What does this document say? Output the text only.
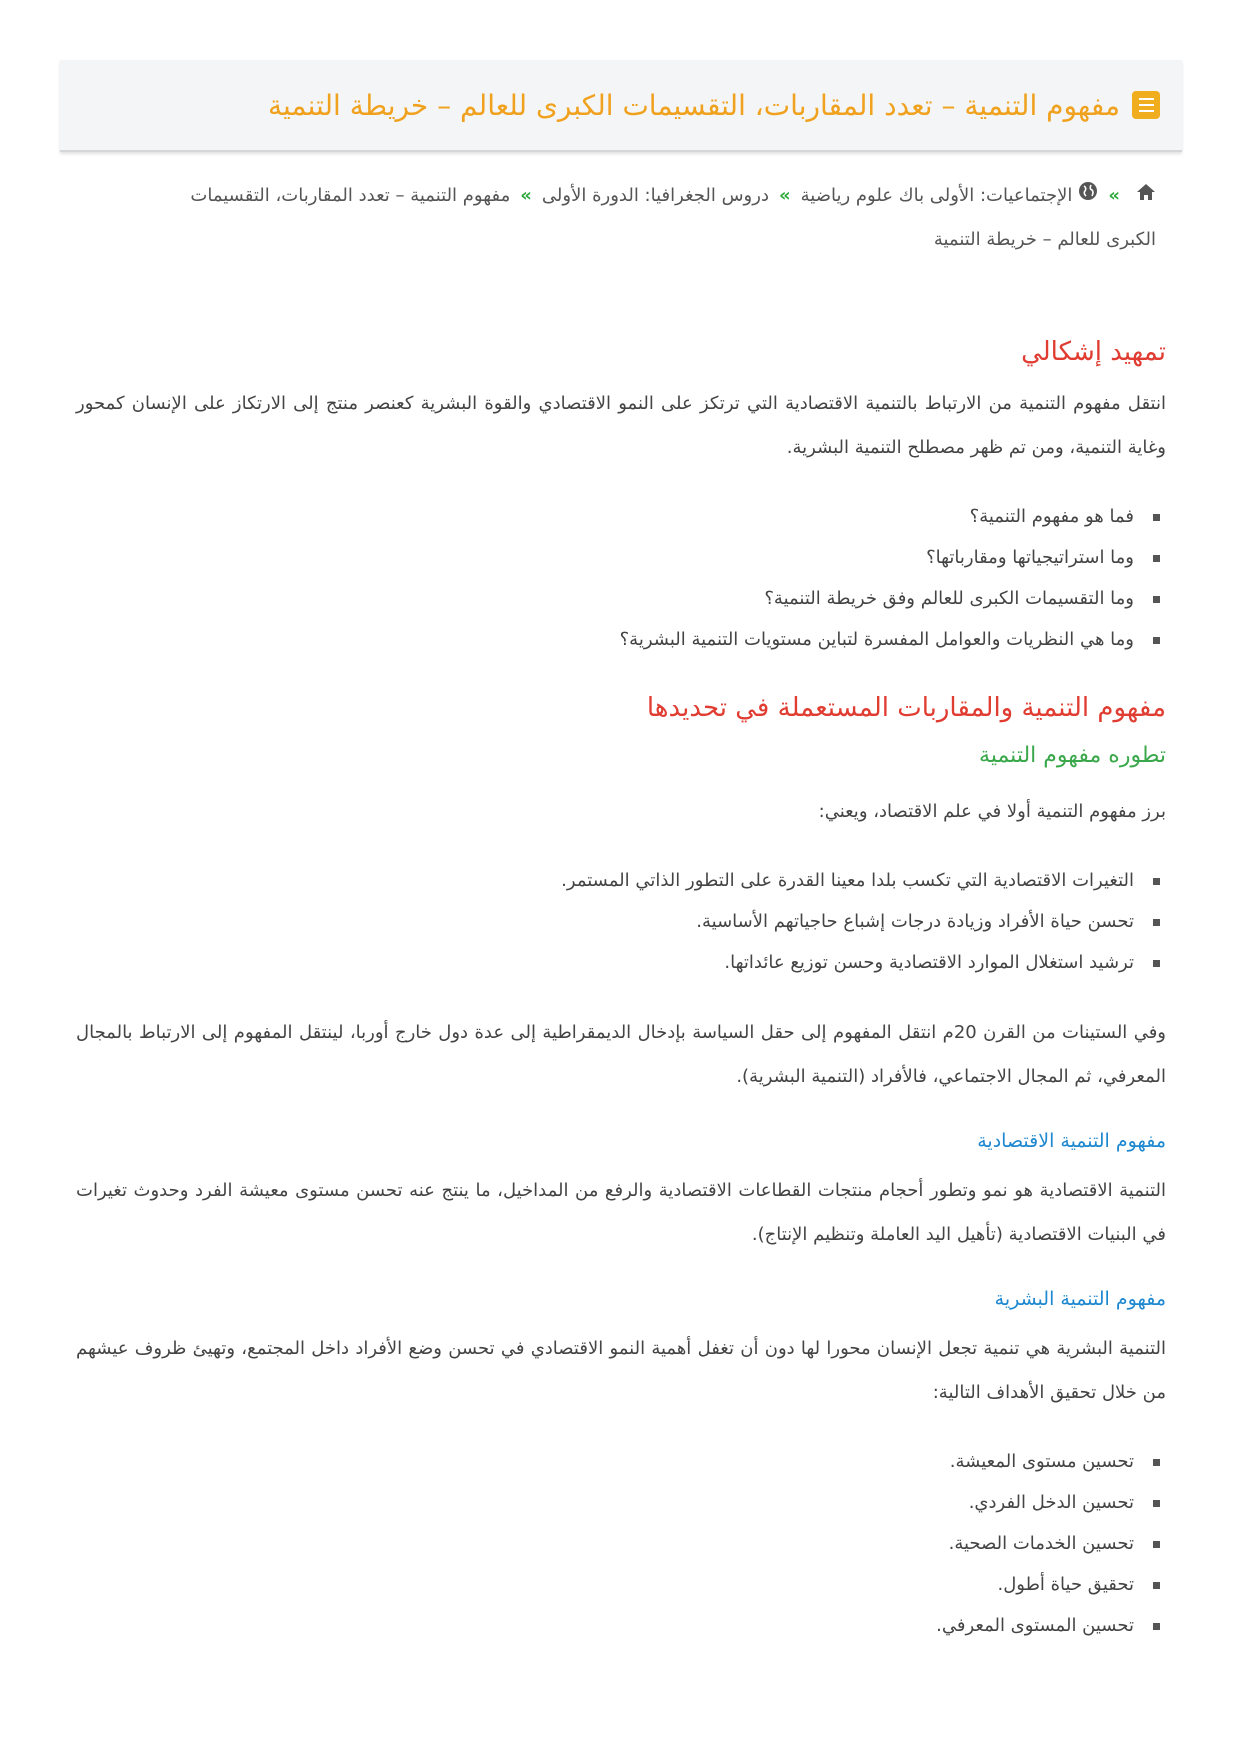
مفهوم التنمية – تعدد المقاربات، التقسيمات الكبرى للعالم – خريطة التنمية
»الإجتماعيات: الأولى باك علوم رياضية»دروس الجغرافيا: الدورة الأولى»مفهوم التنمية – تعدد المقاربات، التقسيمات الكبرى للعالم – خريطة التنمية
تمهيد إشكالي

انتقل مفهوم التنمية من الارتباط بالتنمية الاقتصادية التي ترتكز على النمو الاقتصادي والقوة البشرية كعنصر منتج إلى الارتكاز على الإنسان كمحور وغاية التنمية، ومن تم ظهر مصطلح التنمية البشرية.

فما هو مفهوم التنمية؟
وما استراتيجياتها ومقارباتها؟
وما التقسيمات الكبرى للعالم وفق خريطة التنمية؟
وما هي النظريات والعوامل المفسرة لتباين مستويات التنمية البشرية؟
مفهوم التنمية والمقاربات المستعملة في تحديدها
تطوره مفهوم التنمية

برز مفهوم التنمية أولا في علم الاقتصاد، ويعني:

التغيرات الاقتصادية التي تكسب بلدا معينا القدرة على التطور الذاتي المستمر.
تحسن حياة الأفراد وزيادة درجات إشباع حاجياتهم الأساسية.
ترشيد استغلال الموارد الاقتصادية وحسن توزيع عائداتها.

وفي الستينات من القرن 20م انتقل المفهوم إلى حقل السياسة بإدخال الديمقراطية إلى عدة دول خارج أوربا، لينتقل المفهوم إلى الارتباط بالمجال المعرفي، ثم المجال الاجتماعي، فالأفراد (التنمية البشرية).

مفهوم التنمية الاقتصادية

التنمية الاقتصادية هو نمو وتطور أحجام منتجات القطاعات الاقتصادية والرفع من المداخيل، ما ينتج عنه تحسن مستوى معيشة الفرد وحدوث تغيرات في البنيات الاقتصادية (تأهيل اليد العاملة وتنظيم الإنتاج).

مفهوم التنمية البشرية

التنمية البشرية هي تنمية تجعل الإنسان محورا لها دون أن تغفل أهمية النمو الاقتصادي في تحسن وضع الأفراد داخل المجتمع، وتهيئ ظروف عيشهم من خلال تحقيق الأهداف التالية:

تحسين مستوى المعيشة.
تحسين الدخل الفردي.
تحسين الخدمات الصحية.
تحقيق حياة أطول.
تحسين المستوى المعرفي.
